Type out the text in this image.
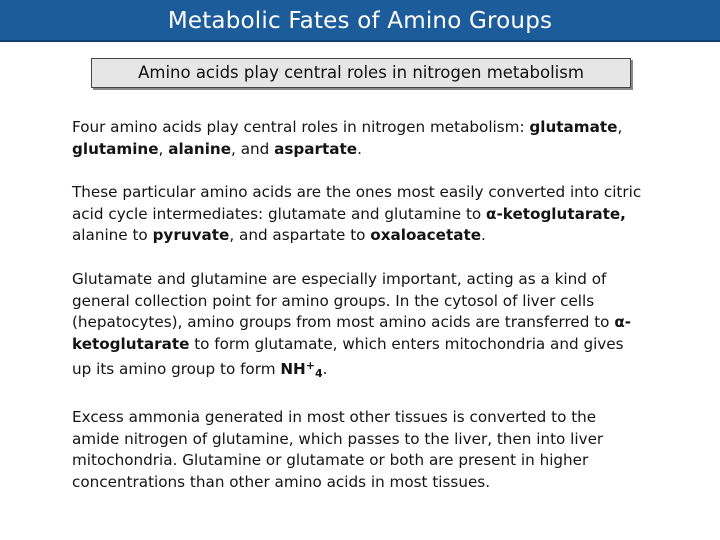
Metabolic Fates of Amino Groups
Amino acids play central roles in nitrogen metabolism

Four amino acids play central roles in nitrogen metabolism: glutamate, glutamine, alanine, and aspartate.

These particular amino acids are the ones most easily converted into citric acid cycle intermediates: glutamate and glutamine to α-ketoglutarate, alanine to pyruvate, and aspartate to oxaloacetate.

Glutamate and glutamine are especially important, acting as a kind of general collection point for amino groups. In the cytosol of liver cells (hepatocytes), amino groups from most amino acids are transferred to α-ketoglutarate to form glutamate, which enters mitochondria and gives up its amino group to form $NH^+_4$.

Excess ammonia generated in most other tissues is converted to the amide nitrogen of glutamine, which passes to the liver, then into liver mitochondria. Glutamine or glutamate or both are present in higher concentrations than other amino acids in most tissues.
